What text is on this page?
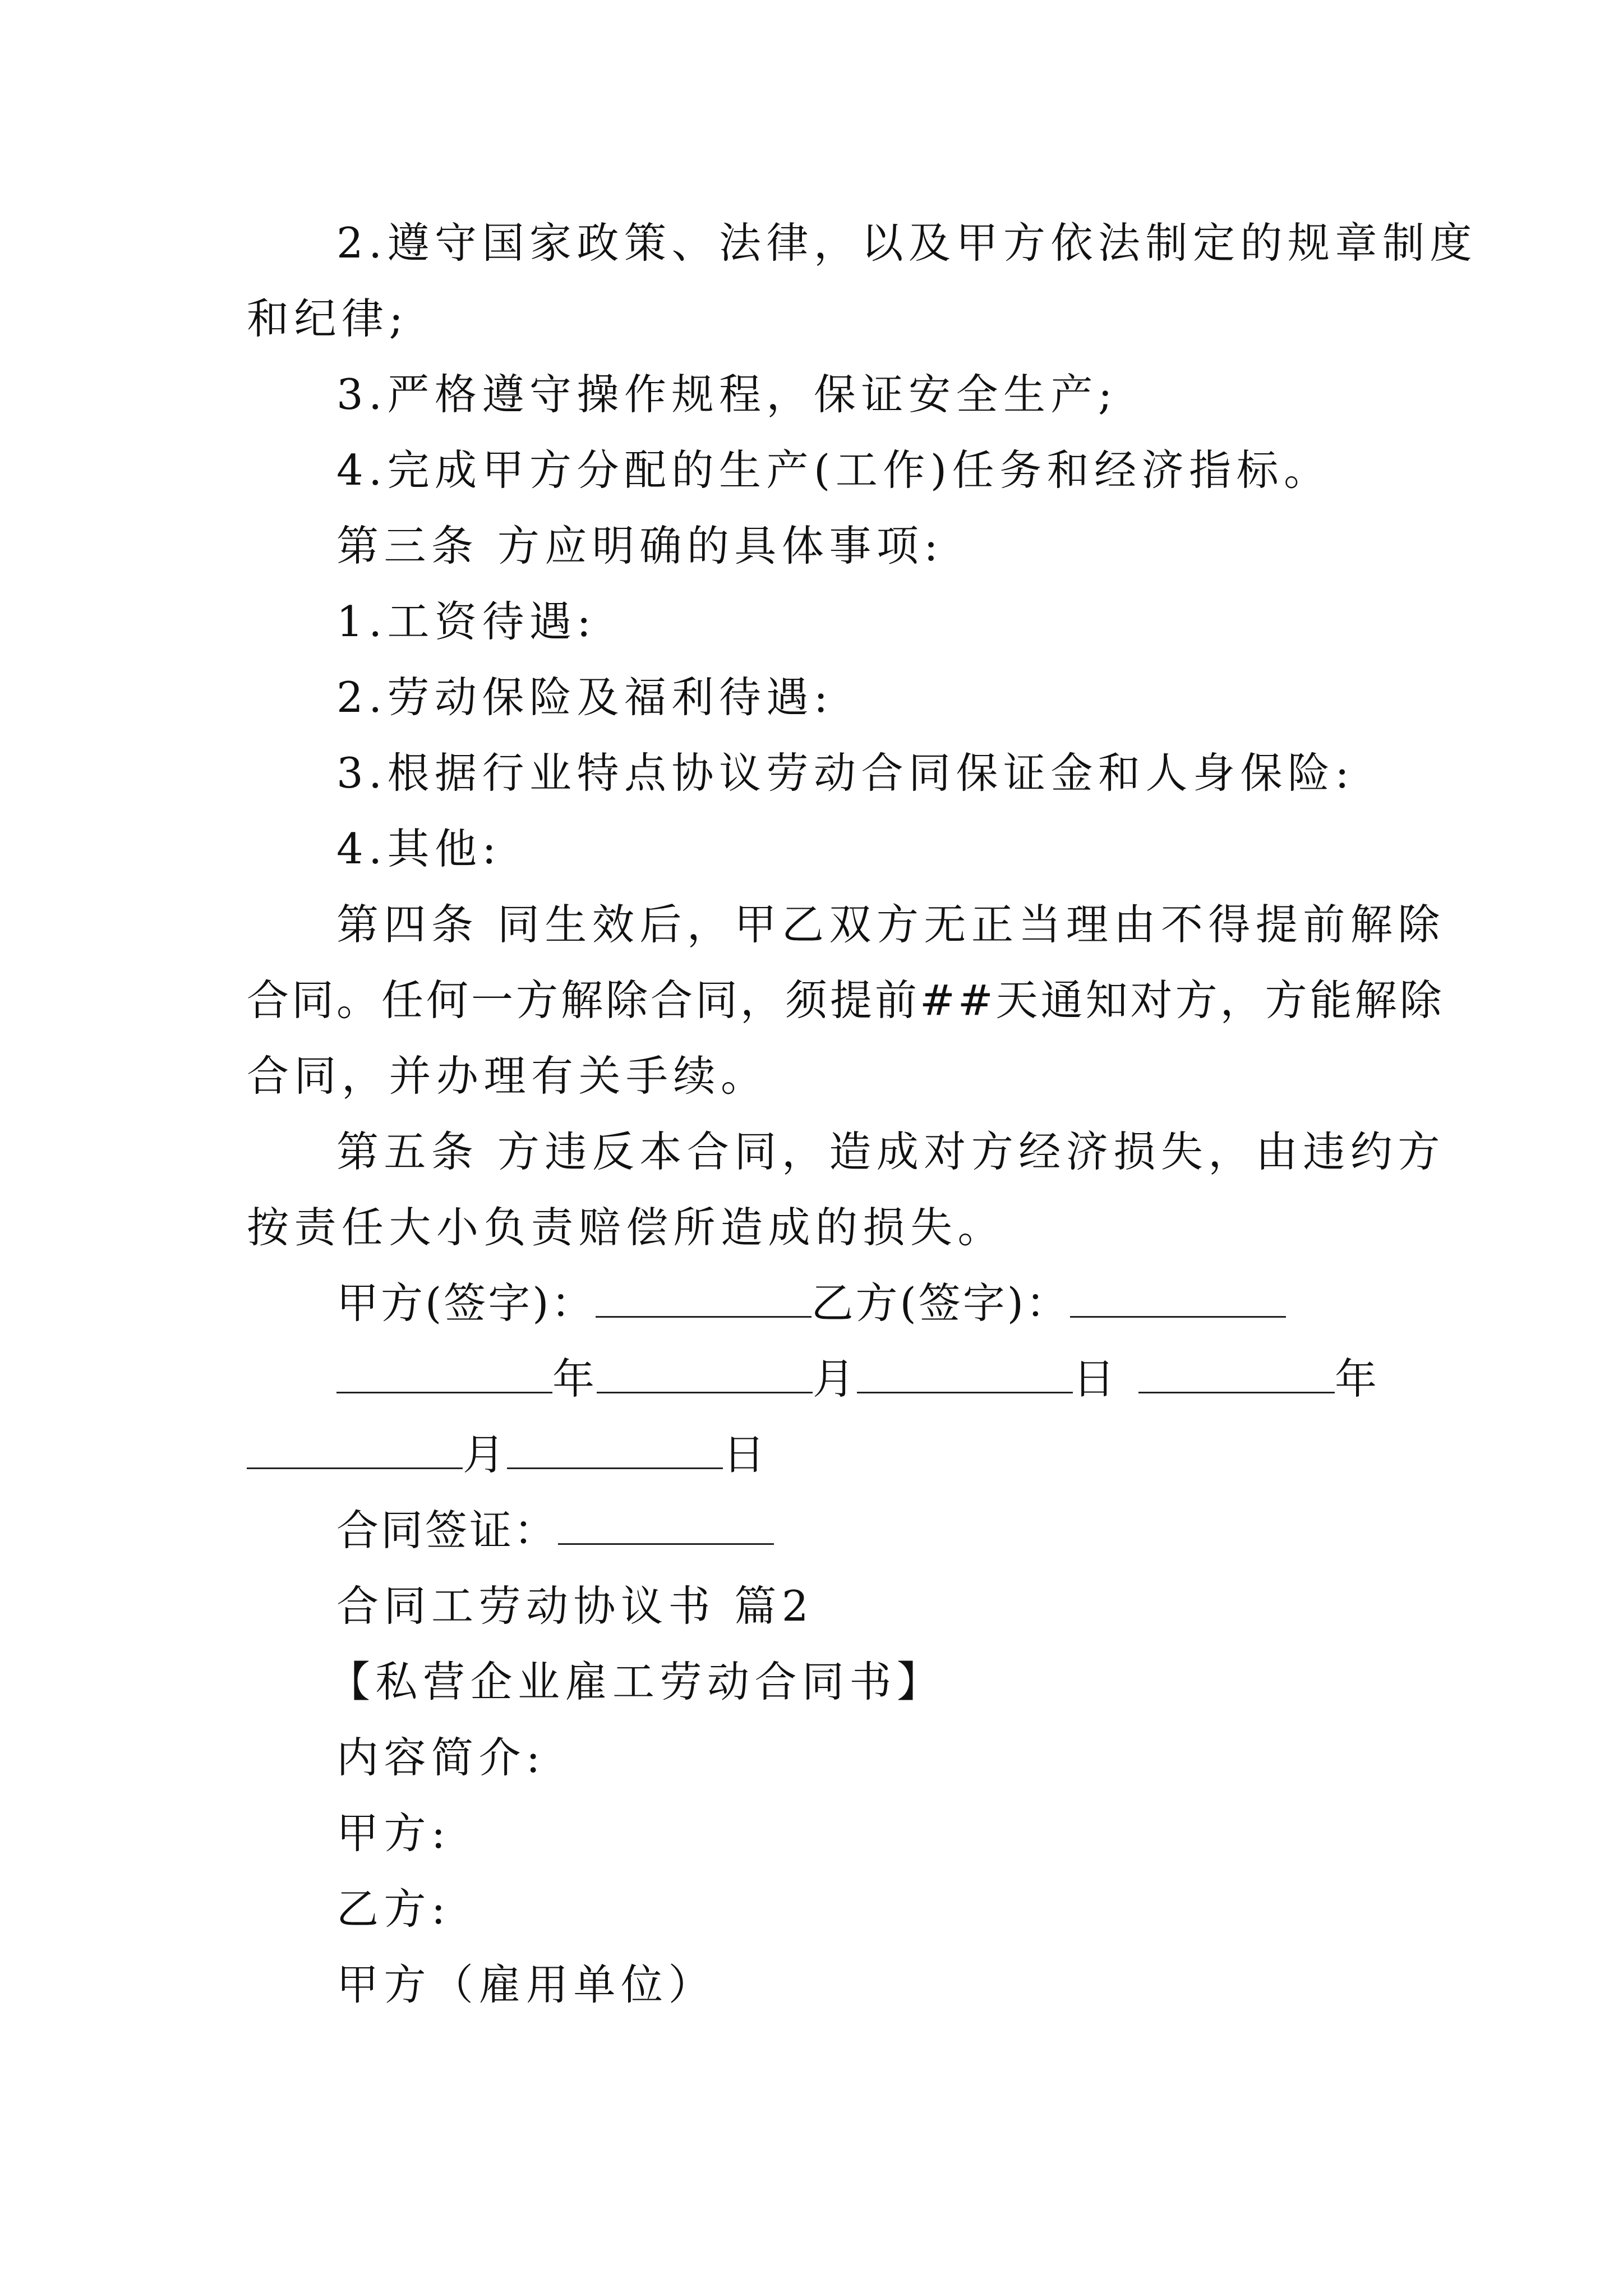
2.遵守国家政策、法律，以及甲方依法制定的规章制度
和纪律;
3.严格遵守操作规程，保证安全生产;
4.完成甲方分配的生产(工作)任务和经济指标。
第三条 方应明确的具体事项:
1.工资待遇:
2.劳动保险及福利待遇:
3.根据行业特点协议劳动合同保证金和人身保险:
4.其他:
第四条 同生效后，甲乙双方无正当理由不得提前解除
合同。任何一方解除合同，须提前##天通知对方，方能解除
合同，并办理有关手续。
第五条 方违反本合同，造成对方经济损失，由违约方
按责任大小负责赔偿所造成的损失。
甲方(签字)：	乙方(签字)：
年	月	日	年
月	日
合同签证：
合同工劳动协议书 篇2
【私营企业雇工劳动合同书】
内容简介:
甲方:
乙方:
甲方（雇用单位）
